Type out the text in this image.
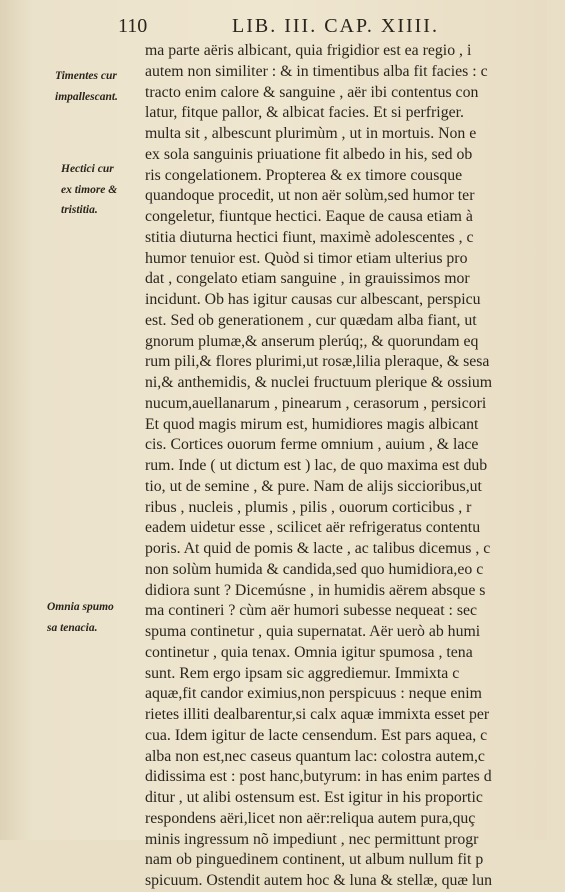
110	LIB. III. CAP. XIIII.
Timentes cur
impallescant.
Hectici cur
ex timore &
tristitia.
Omnia spumo
sa tenacia.
ma parte aëris albicant, quia frigidior est ea regio , i
autem non similiter : & in timentibus alba fit facies : c
tracto enim calore & sanguine , aër ibi contentus con
latur, fitque pallor, & albicat facies. Et si perfriger.
multa sit , albescunt plurimùm , ut in mortuis. Non e
ex sola sanguinis priuatione fit albedo in his, sed ob
ris congelationem. Propterea & ex timore cousque
quandoque procedit, ut non aër solùm,sed humor ter
congeletur, fiuntque hectici. Eaque de causa etiam à
stitia diuturna hectici fiunt, maximè adolescentes , c
humor tenuior est. Quòd si timor etiam ulterius pro
dat , congelato etiam sanguine , in grauissimos mor
incidunt. Ob has igitur causas cur albescant, perspicu
est. Sed ob generationem , cur quædam alba fiant, ut
gnorum plumæ,& anserum plerúq;, & quorundam eq
rum pili,& flores plurimi,ut rosæ,lilia pleraque, & sesa
ni,& anthemidis, & nuclei fructuum plerique & ossium
nucum,auellanarum , pinearum , cerasorum , persicori
Et quod magis mirum est, humidiores magis albicant
cis. Cortices ouorum ferme omnium , auium , & lace
rum. Inde ( ut dictum est ) lac, de quo maxima est dub
tio, ut de semine , & pure. Nam de alijs siccioribus,ut
ribus , nucleis , plumis , pilis , ouorum corticibus , r
eadem uidetur esse , scilicet aër refrigeratus contentu
poris. At quid de pomis & lacte , ac talibus dicemus , c
non solùm humida & candida,sed quo humidiora,eo c
didiora sunt ? Dicemúsne , in humidis aërem absque s
ma contineri ? cùm aër humori subesse nequeat : sec
spuma continetur , quia supernatat. Aër uerò ab humi
continetur , quia tenax. Omnia igitur spumosa , tena
sunt. Rem ergo ipsam sic aggrediemur. Immixta c
aquæ,fit candor eximius,non perspicuus : neque enim
rietes illiti dealbarentur,si calx aquæ immixta esset per
cua. Idem igitur de lacte censendum. Est pars aquea, c
alba non est,nec caseus quantum lac: colostra autem,c
didissima est : post hanc,butyrum: in has enim partes d
ditur , ut alibi ostensum est. Est igitur in his proportic
respondens aëri,licet non aër:reliqua autem pura,quç
minis ingressum nõ impediunt , nec permittunt progr
nam ob pinguedinem continent, ut album nullum fit p
spicuum. Ostendit autem hoc & luna & stellæ, quæ lun
